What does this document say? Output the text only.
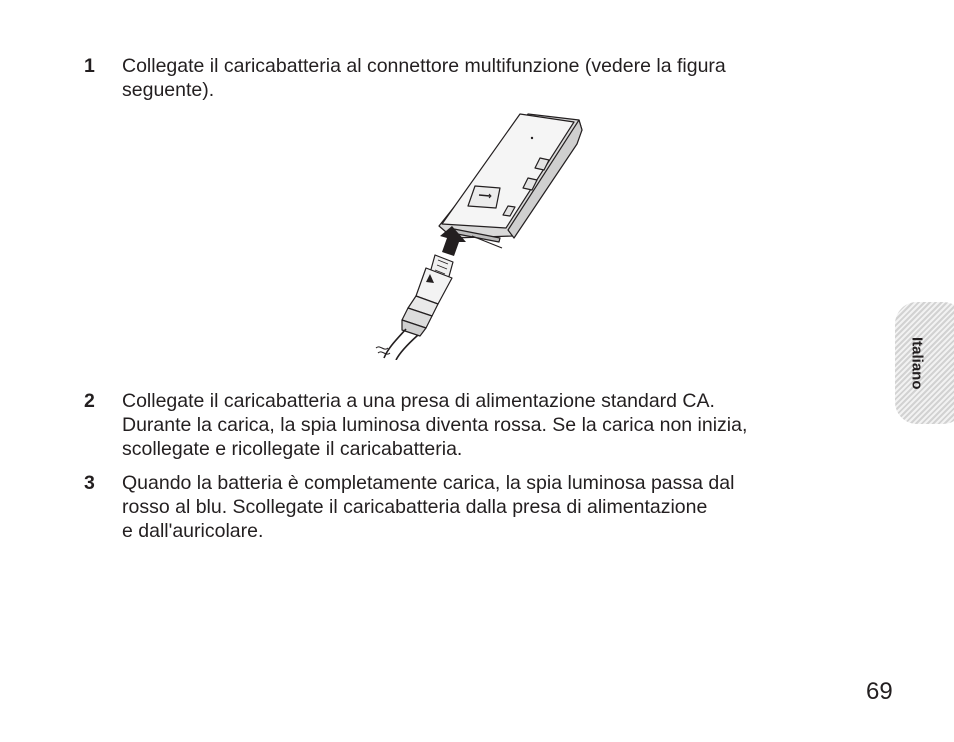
1 Collegate il caricabatteria al connettore multifunzione (vedere la figura
seguente).
2 Collegate il caricabatteria a una presa di alimentazione standard CA.
Durante la carica, la spia luminosa diventa rossa. Se la carica non inizia,
scollegate e ricollegate il caricabatteria.
3 Quando la batteria è completamente carica, la spia luminosa passa dal
rosso al blu. Scollegate il caricabatteria dalla presa di alimentazione
e dall'auricolare.
Italiano
69
